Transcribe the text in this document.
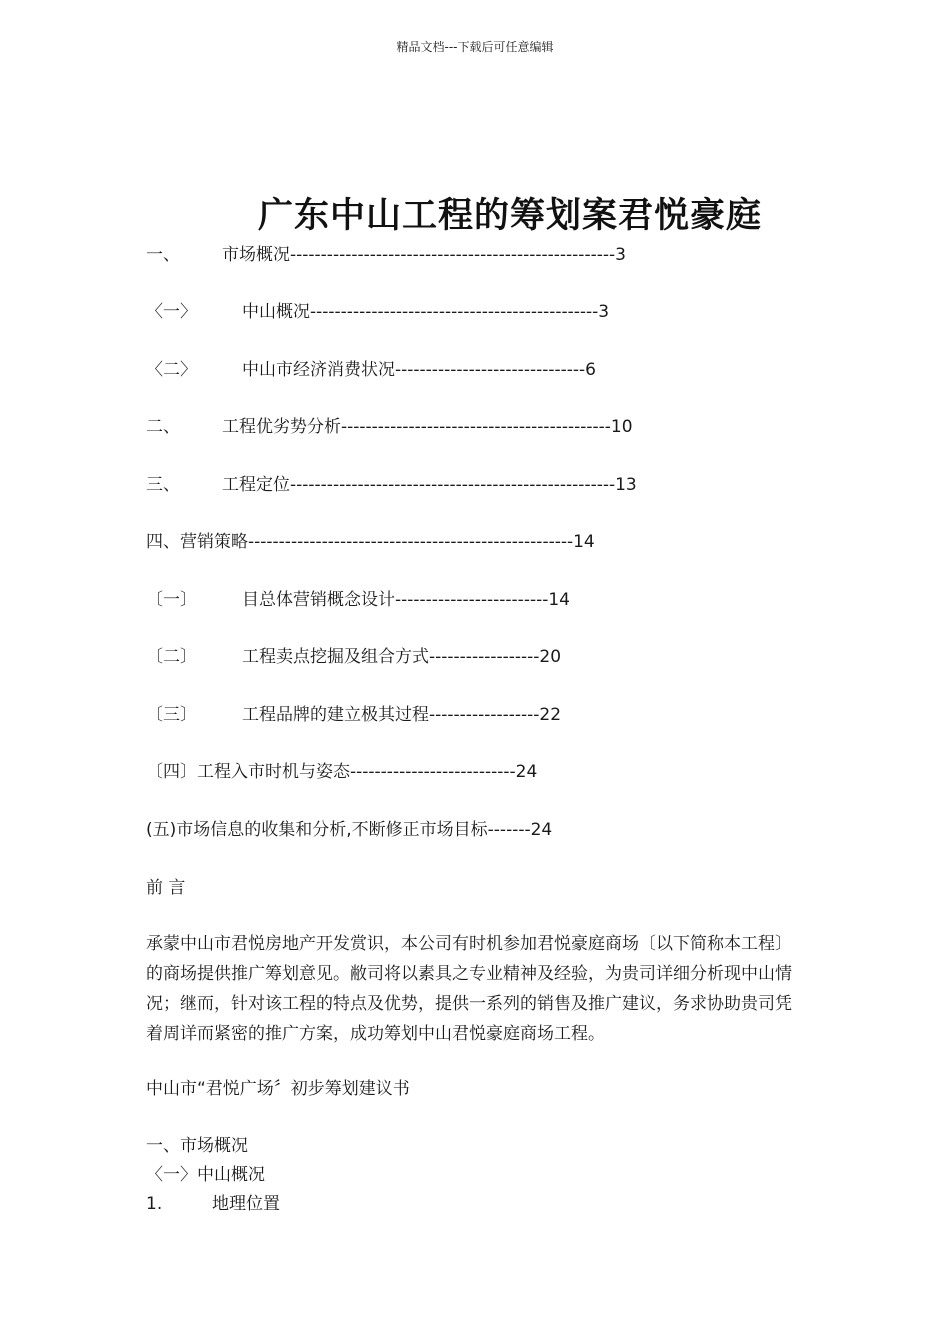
精品文档---下载后可任意编辑
广东中山工程的筹划案君悦豪庭
一、 市场概况-----------------------------------------------------3
〈一〉	中山概况-----------------------------------------------3
〈二〉	中山市经济消费状况-------------------------------6
二、 工程优劣势分析--------------------------------------------10
三、 工程定位-----------------------------------------------------13
四、营销策略-----------------------------------------------------14
〔一〕	目总体营销概念设计-------------------------14
〔二〕	工程卖点挖掘及组合方式------------------20
〔三〕	工程品牌的建立极其过程------------------22
〔四〕工程入市时机与姿态---------------------------24
(五)市场信息的收集和分析,不断修正市场目标-------24
前 言
承蒙中山市君悦房地产开发赏识，本公司有时机参加君悦豪庭商场〔以下简称本工程〕
的商场提供推广筹划意见。敝司将以素具之专业精神及经验，为贵司详细分析现中山情
况；继而，针对该工程的特点及优势，提供一系列的销售及推广建议，务求协助贵司凭
着周详而紧密的推广方案，成功筹划中山君悦豪庭商场工程。
中山市“君悦广场〞初步筹划建议书
一、市场概况
〈一〉中山概况
1.	地理位置
